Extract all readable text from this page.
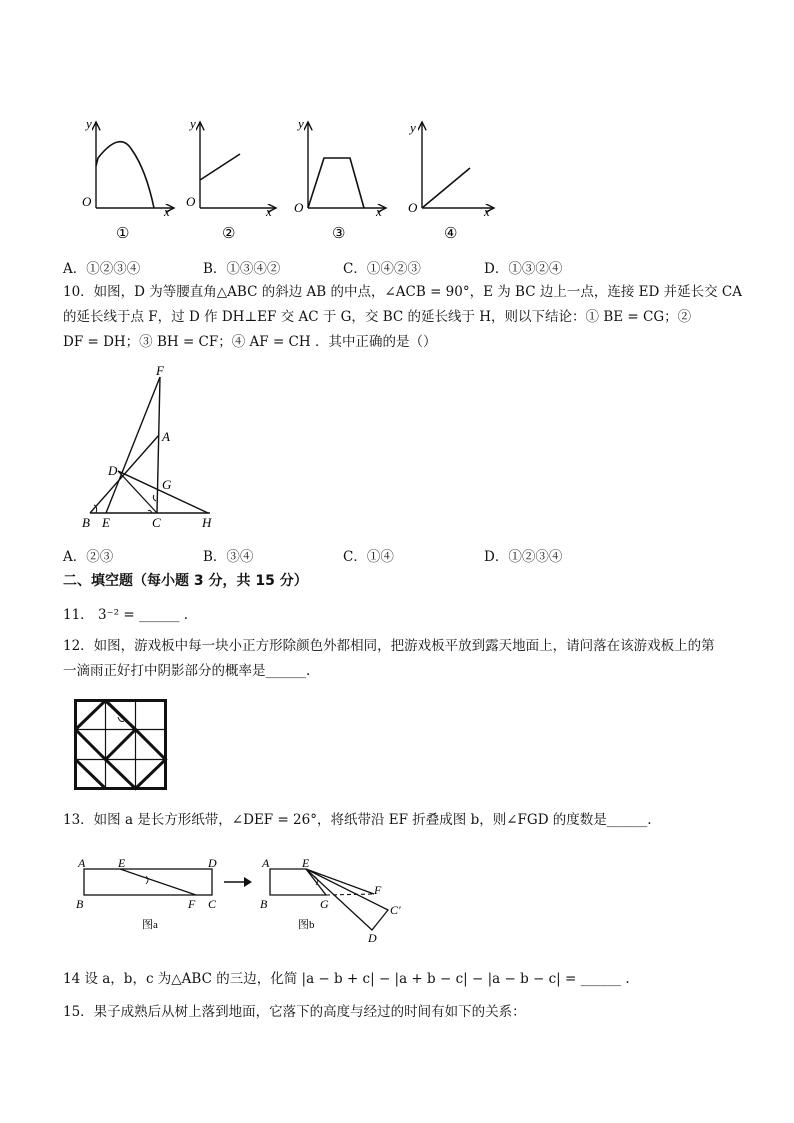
y
x
O
①
y
x
O
②
y
x
O
③
y
x
O
④
A．①②③④	B．①③④②	C．①④②③	D．①③②④
10．如图，D 为等腰直角△ABC 的斜边 AB 的中点，∠ACB = 90°，E 为 BC 边上一点，连接 ED 并延长交 CA
的延长线于点 F，过 D 作 DH⊥EF 交 AC 于 G，交 BC 的延长线于 H，则以下结论：① BE = CG；②
DF = DH；③ BH = CF；④ AF = CH ．其中正确的是（）
F
A
D
G
B E	C	H
A．②③	B．③④	C．①④	D．①②③④
二、填空题（每小题 3 分，共 15 分）
11． 3⁻² = ______ .
12．如图，游戏板中每一块小正方形除颜色外都相同，把游戏板平放到露天地面上，请问落在该游戏板上的第
一滴雨正好打中阴影部分的概率是______.
13．如图 a 是长方形纸带，∠DEF = 26°，将纸带沿 EF 折叠成图 b，则∠FGD 的度数是______.
A	E	D
B	F C
图a
A	E
F
B	G	C'
D
图b
14 设 a，b，c 为△ABC 的三边，化简 |a − b + c| − |a + b − c| − |a − b − c| = ______ .
15．果子成熟后从树上落到地面，它落下的高度与经过的时间有如下的关系：
